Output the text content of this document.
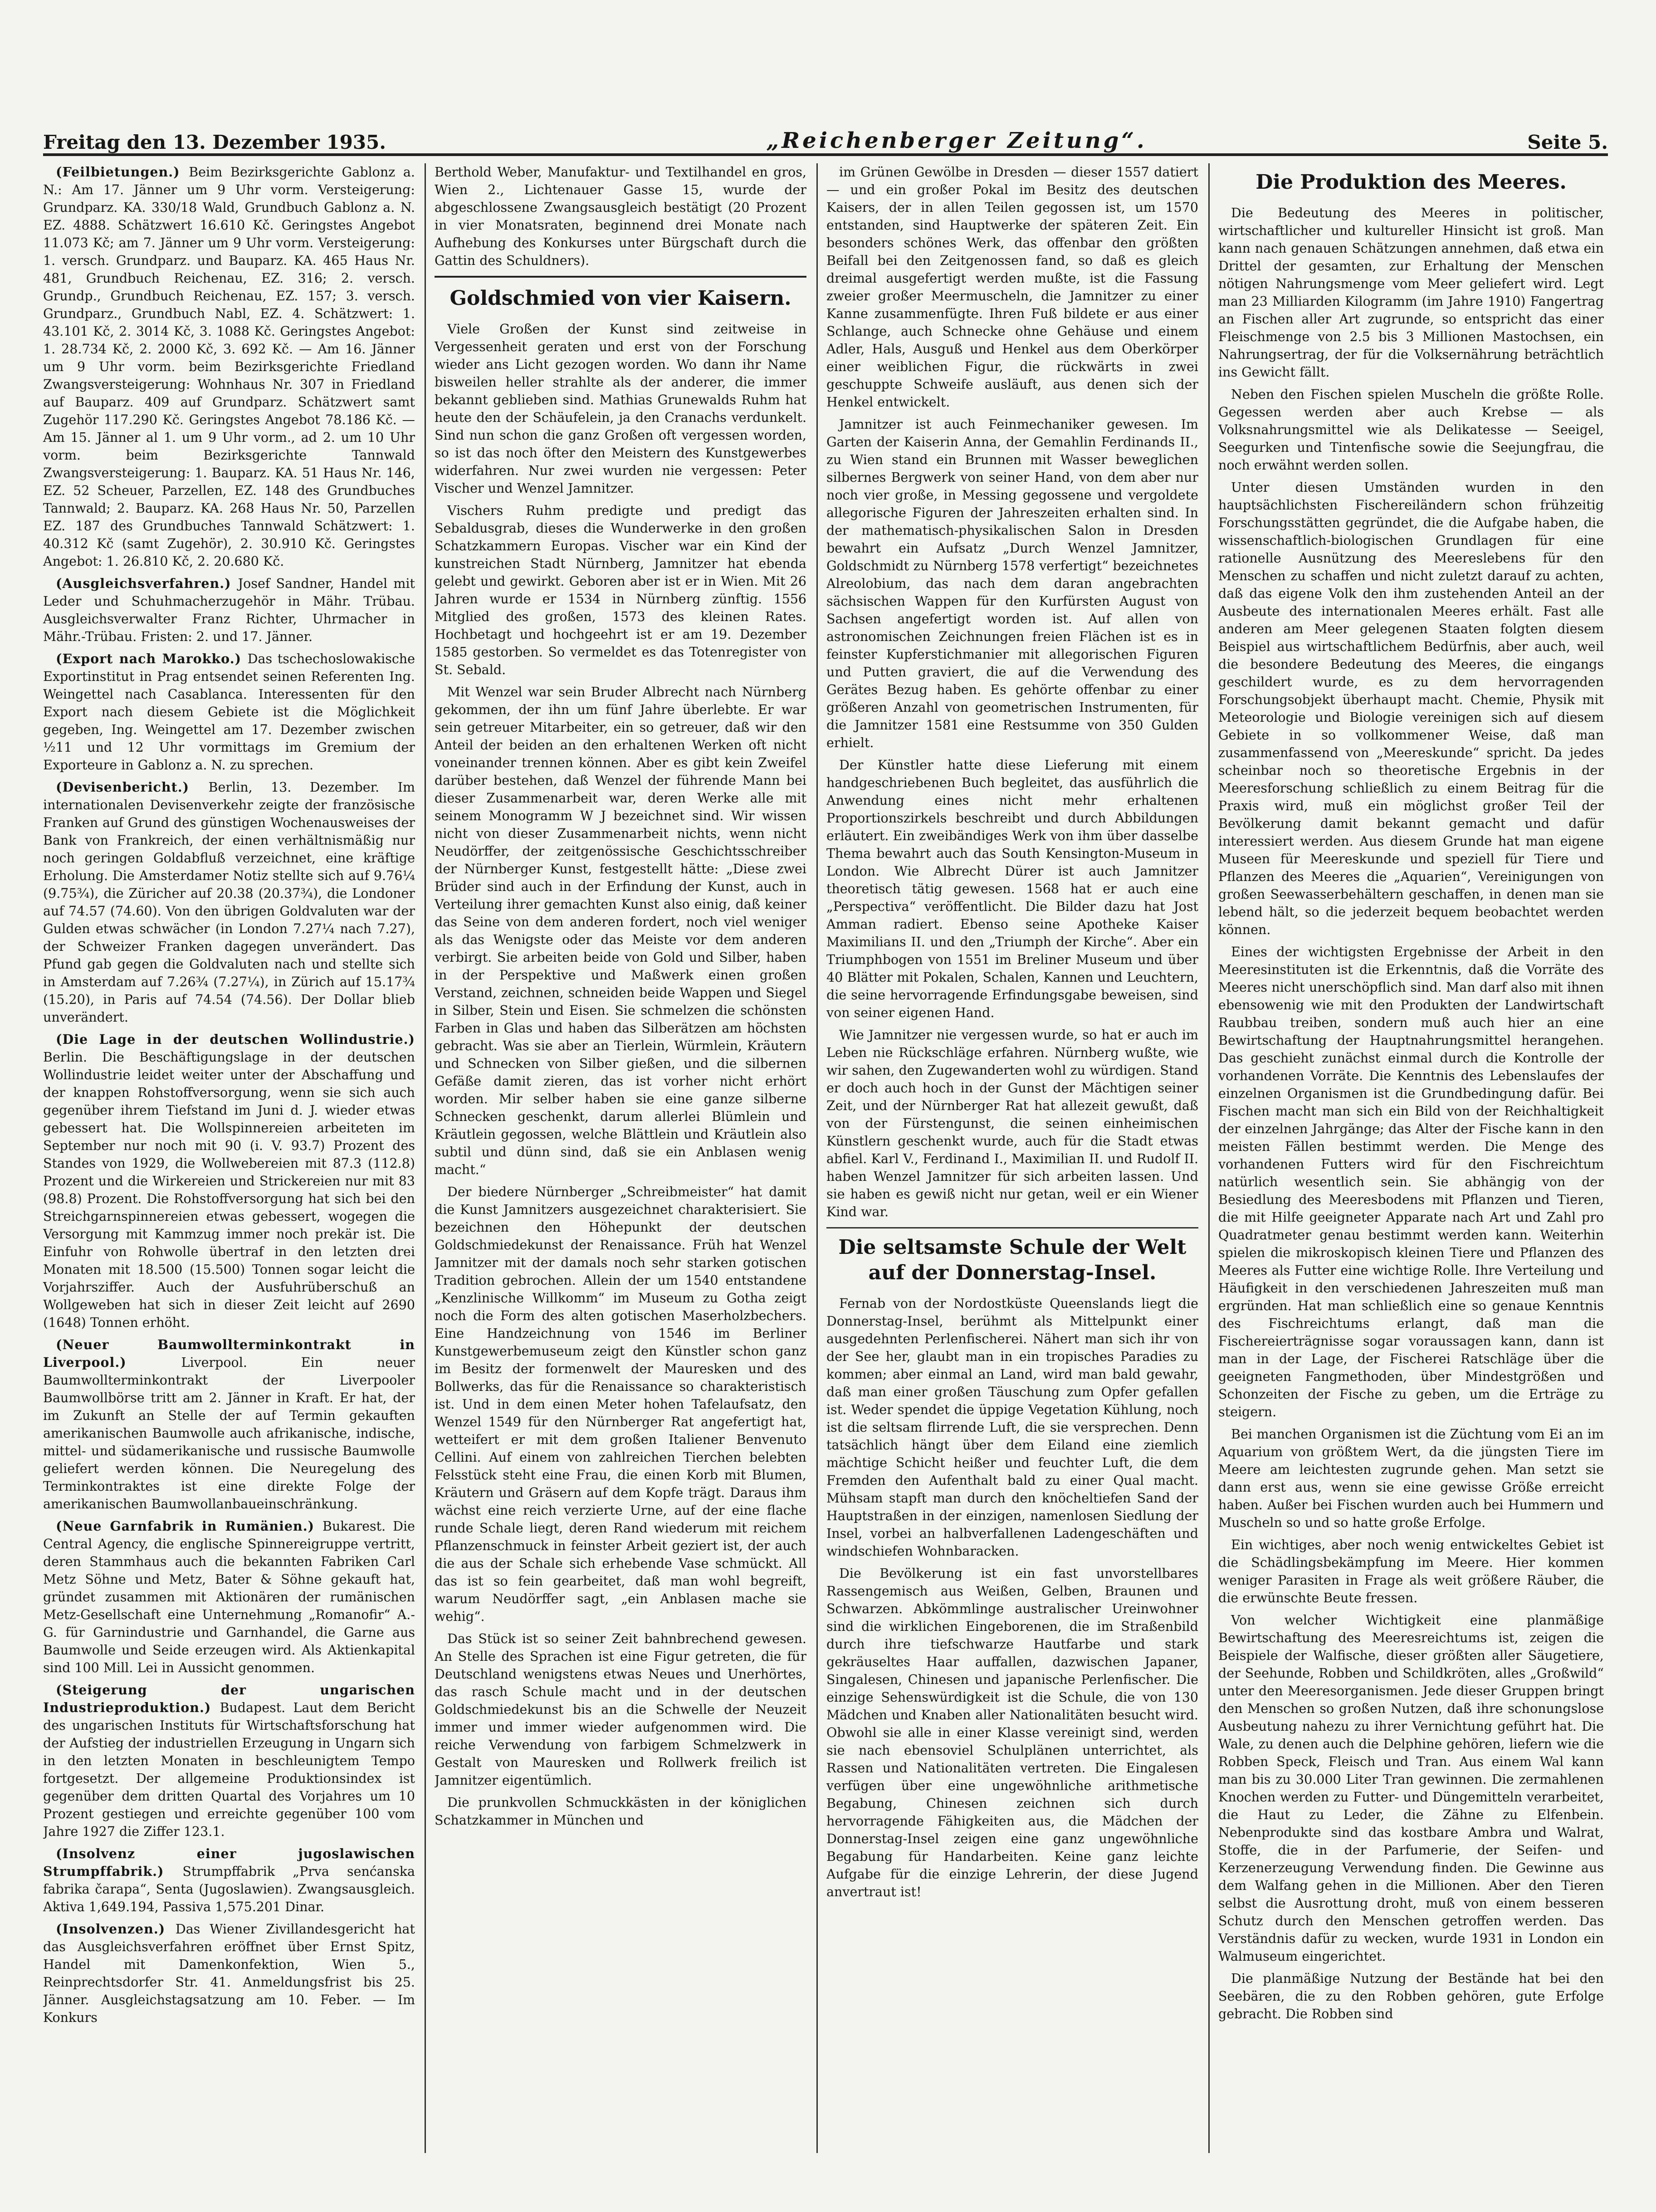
Freitag den 13. Dezember 1935.	„Reichenberger Zeitung“.	Seite 5.

(Feilbietungen.) Beim Bezirksgerichte Gablonz a. N.: Am 17. Jänner um 9 Uhr vorm. Versteigerung: Grundparz. KA. 330/18 Wald, Grundbuch Gablonz a. N. EZ. 4888. Schätzwert 16.610 Kč. Geringstes Angebot 11.073 Kč; am 7. Jänner um 9 Uhr vorm. Versteigerung: 1. versch. Grundparz. und Bauparz. KA. 465 Haus Nr. 481, Grundbuch Reichenau, EZ. 316; 2. versch. Grundp., Grundbuch Reichenau, EZ. 157; 3. versch. Grundparz., Grundbuch Nabl, EZ. 4. Schätzwert: 1. 43.101 Kč, 2. 3014 Kč, 3. 1088 Kč. Geringstes Angebot: 1. 28.734 Kč, 2. 2000 Kč, 3. 692 Kč. — Am 16. Jänner um 9 Uhr vorm. beim Bezirksgerichte Friedland Zwangsversteigerung: Wohnhaus Nr. 307 in Friedland auf Bauparz. 409 auf Grundparz. Schätzwert samt Zugehör 117.290 Kč. Geringstes Angebot 78.186 Kč. — Am 15. Jänner al 1. um 9 Uhr vorm., ad 2. um 10 Uhr vorm. beim Bezirksgerichte Tannwald Zwangsversteigerung: 1. Bauparz. KA. 51 Haus Nr. 146, EZ. 52 Scheuer, Parzellen, EZ. 148 des Grundbuches Tannwald; 2. Bauparz. KA. 268 Haus Nr. 50, Parzellen EZ. 187 des Grundbuches Tannwald Schätzwert: 1. 40.312 Kč (samt Zugehör), 2. 30.910 Kč. Geringstes Angebot: 1. 26.810 Kč, 2. 20.680 Kč.

(Ausgleichsverfahren.) Josef Sandner, Handel mit Leder und Schuhmacherzugehör in Mähr. Trübau. Ausgleichsverwalter Franz Richter, Uhrmacher in Mähr.-Trübau. Fristen: 2. und 17. Jänner.

(Export nach Marokko.) Das tschechoslowakische Exportinstitut in Prag entsendet seinen Referenten Ing. Weingettel nach Casablanca. Interessenten für den Export nach diesem Gebiete ist die Möglichkeit gegeben, Ing. Weingettel am 17. Dezember zwischen ½11 und 12 Uhr vormittags im Gremium der Exporteure in Gablonz a. N. zu sprechen.

(Devisenbericht.) Berlin, 13. Dezember. Im internationalen Devisenverkehr zeigte der französische Franken auf Grund des günstigen Wochenausweises der Bank von Frankreich, der einen verhältnismäßig nur noch geringen Goldabfluß verzeichnet, eine kräftige Erholung. Die Amsterdamer Notiz stellte sich auf 9.76¼ (9.75¾), die Züricher auf 20.38 (20.37¾), die Londoner auf 74.57 (74.60). Von den übrigen Goldvaluten war der Gulden etwas schwächer (in London 7.27¼ nach 7.27), der Schweizer Franken dagegen unverändert. Das Pfund gab gegen die Goldvaluten nach und stellte sich in Amsterdam auf 7.26¾ (7.27¼), in Zürich auf 15.17¾ (15.20), in Paris auf 74.54 (74.56). Der Dollar blieb unverändert.

(Die Lage in der deutschen Wollindustrie.) Berlin. Die Beschäftigungslage in der deutschen Wollindustrie leidet weiter unter der Abschaffung und der knappen Rohstoffversorgung, wenn sie sich auch gegenüber ihrem Tiefstand im Juni d. J. wieder etwas gebessert hat. Die Wollspinnereien arbeiteten im September nur noch mit 90 (i. V. 93.7) Prozent des Standes von 1929, die Wollwebereien mit 87.3 (112.8) Prozent und die Wirkereien und Strickereien nur mit 83 (98.8) Prozent. Die Rohstoffversorgung hat sich bei den Streichgarnspinnereien etwas gebessert, wogegen die Versorgung mit Kammzug immer noch prekär ist. Die Einfuhr von Rohwolle übertraf in den letzten drei Monaten mit 18.500 (15.500) Tonnen sogar leicht die Vorjahrsziffer. Auch der Ausfuhrüberschuß an Wollgeweben hat sich in dieser Zeit leicht auf 2690 (1648) Tonnen erhöht.

(Neuer Baumwollterminkontrakt in Liverpool.) Liverpool. Ein neuer Baumwollterminkontrakt der Liverpooler Baumwollbörse tritt am 2. Jänner in Kraft. Er hat, der im Zukunft an Stelle der auf Termin gekauften amerikanischen Baumwolle auch afrikanische, indische, mittel- und südamerikanische und russische Baumwolle geliefert werden können. Die Neuregelung des Terminkontraktes ist eine direkte Folge der amerikanischen Baumwollanbaueinschränkung.

(Neue Garnfabrik in Rumänien.) Bukarest. Die Central Agency, die englische Spinnereigruppe vertritt, deren Stammhaus auch die bekannten Fabriken Carl Metz Söhne und Metz, Bater & Söhne gekauft hat, gründet zusammen mit Aktionären der rumänischen Metz-Gesellschaft eine Unternehmung „Romanofir“ A.-G. für Garnindustrie und Garnhandel, die Garne aus Baumwolle und Seide erzeugen wird. Als Aktienkapital sind 100 Mill. Lei in Aussicht genommen.

(Steigerung der ungarischen Industrieproduktion.) Budapest. Laut dem Bericht des ungarischen Instituts für Wirtschaftsforschung hat der Aufstieg der industriellen Erzeugung in Ungarn sich in den letzten Monaten in beschleunigtem Tempo fortgesetzt. Der allgemeine Produktionsindex ist gegenüber dem dritten Quartal des Vorjahres um 10 Prozent gestiegen und erreichte gegenüber 100 vom Jahre 1927 die Ziffer 123.1.

(Insolvenz einer jugoslawischen Strumpffabrik.) Strumpffabrik „Prva senćanska fabrika čarapa“, Senta (Jugoslawien). Zwangsausgleich. Aktiva 1,649.194, Passiva 1,575.201 Dinar.

(Insolvenzen.) Das Wiener Zivillandesgericht hat das Ausgleichsverfahren eröffnet über Ernst Spitz, Handel mit Damenkonfektion, Wien 5., Reinprechtsdorfer Str. 41. Anmeldungsfrist bis 25. Jänner. Ausgleichstagsatzung am 10. Feber. — Im Konkurs

Berthold Weber, Manufaktur- und Textilhandel en gros, Wien 2., Lichtenauer Gasse 15, wurde der abgeschlossene Zwangsausgleich bestätigt (20 Prozent in vier Monatsraten, beginnend drei Monate nach Aufhebung des Konkurses unter Bürgschaft durch die Gattin des Schuldners).

Goldschmied von vier Kaisern.

Viele Großen der Kunst sind zeitweise in Vergessenheit geraten und erst von der Forschung wieder ans Licht gezogen worden. Wo dann ihr Name bisweilen heller strahlte als der anderer, die immer bekannt geblieben sind. Mathias Grunewalds Ruhm hat heute den der Schäufelein, ja den Cranachs verdunkelt. Sind nun schon die ganz Großen oft vergessen worden, so ist das noch öfter den Meistern des Kunstgewerbes widerfahren. Nur zwei wurden nie vergessen: Peter Vischer und Wenzel Jamnitzer.

Vischers Ruhm predigte und predigt das Sebaldusgrab, dieses die Wunderwerke in den großen Schatzkammern Europas. Vischer war ein Kind der kunstreichen Stadt Nürnberg, Jamnitzer hat ebenda gelebt und gewirkt. Geboren aber ist er in Wien. Mit 26 Jahren wurde er 1534 in Nürnberg zünftig. 1556 Mitglied des großen, 1573 des kleinen Rates. Hochbetagt und hochgeehrt ist er am 19. Dezember 1585 gestorben. So vermeldet es das Totenregister von St. Sebald.

Mit Wenzel war sein Bruder Albrecht nach Nürnberg gekommen, der ihn um fünf Jahre überlebte. Er war sein getreuer Mitarbeiter, ein so getreuer, daß wir den Anteil der beiden an den erhaltenen Werken oft nicht voneinander trennen können. Aber es gibt kein Zweifel darüber bestehen, daß Wenzel der führende Mann bei dieser Zusammenarbeit war, deren Werke alle mit seinem Monogramm W J bezeichnet sind. Wir wissen nicht von dieser Zusammenarbeit nichts, wenn nicht Neudörffer, der zeitgenössische Geschichtsschreiber der Nürnberger Kunst, festgestellt hätte: „Diese zwei Brüder sind auch in der Erfindung der Kunst, auch in Verteilung ihrer gemachten Kunst also einig, daß keiner das Seine von dem anderen fordert, noch viel weniger als das Wenigste oder das Meiste vor dem anderen verbirgt. Sie arbeiten beide von Gold und Silber, haben in der Perspektive und Maßwerk einen großen Verstand, zeichnen, schneiden beide Wappen und Siegel in Silber, Stein und Eisen. Sie schmelzen die schönsten Farben in Glas und haben das Silberätzen am höchsten gebracht. Was sie aber an Tierlein, Würmlein, Kräutern und Schnecken von Silber gießen, und die silbernen Gefäße damit zieren, das ist vorher nicht erhört worden. Mir selber haben sie eine ganze silberne Schnecken geschenkt, darum allerlei Blümlein und Kräutlein gegossen, welche Blättlein und Kräutlein also subtil und dünn sind, daß sie ein Anblasen wenig macht.“

Der biedere Nürnberger „Schreibmeister“ hat damit die Kunst Jamnitzers ausgezeichnet charakterisiert. Sie bezeichnen den Höhepunkt der deutschen Goldschmiedekunst der Renaissance. Früh hat Wenzel Jamnitzer mit der damals noch sehr starken gotischen Tradition gebrochen. Allein der um 1540 entstandene „Kenzlinische Willkomm“ im Museum zu Gotha zeigt noch die Form des alten gotischen Maserholzbechers. Eine Handzeichnung von 1546 im Berliner Kunstgewerbemuseum zeigt den Künstler schon ganz im Besitz der formenwelt der Mauresken und des Bollwerks, das für die Renaissance so charakteristisch ist. Und in dem einen Meter hohen Tafelaufsatz, den Wenzel 1549 für den Nürnberger Rat angefertigt hat, wetteifert er mit dem großen Italiener Benvenuto Cellini. Auf einem von zahlreichen Tierchen belebten Felsstück steht eine Frau, die einen Korb mit Blumen, Kräutern und Gräsern auf dem Kopfe trägt. Daraus ihm wächst eine reich verzierte Urne, auf der eine flache runde Schale liegt, deren Rand wiederum mit reichem Pflanzenschmuck in feinster Arbeit geziert ist, der auch die aus der Schale sich erhebende Vase schmückt. All das ist so fein gearbeitet, daß man wohl begreift, warum Neudörffer sagt, „ein Anblasen mache sie wehig“.

Das Stück ist so seiner Zeit bahnbrechend gewesen. An Stelle des Sprachen ist eine Figur getreten, die für Deutschland wenigstens etwas Neues und Unerhörtes, das rasch Schule macht und in der deutschen Goldschmiedekunst bis an die Schwelle der Neuzeit immer und immer wieder aufgenommen wird. Die reiche Verwendung von farbigem Schmelzwerk in Gestalt von Mauresken und Rollwerk freilich ist Jamnitzer eigentümlich.

Die prunkvollen Schmuckkästen in der königlichen Schatzkammer in München und

im Grünen Gewölbe in Dresden — dieser 1557 datiert — und ein großer Pokal im Besitz des deutschen Kaisers, der in allen Teilen gegossen ist, um 1570 entstanden, sind Hauptwerke der späteren Zeit. Ein besonders schönes Werk, das offenbar den größten Beifall bei den Zeitgenossen fand, so daß es gleich dreimal ausgefertigt werden mußte, ist die Fassung zweier großer Meermuscheln, die Jamnitzer zu einer Kanne zusammenfügte. Ihren Fuß bildete er aus einer Schlange, auch Schnecke ohne Gehäuse und einem Adler, Hals, Ausguß und Henkel aus dem Oberkörper einer weiblichen Figur, die rückwärts in zwei geschuppte Schweife ausläuft, aus denen sich der Henkel entwickelt.

Jamnitzer ist auch Feinmechaniker gewesen. Im Garten der Kaiserin Anna, der Gemahlin Ferdinands II., zu Wien stand ein Brunnen mit Wasser beweglichen silbernes Bergwerk von seiner Hand, von dem aber nur noch vier große, in Messing gegossene und vergoldete allegorische Figuren der Jahreszeiten erhalten sind. In der mathematisch-physikalischen Salon in Dresden bewahrt ein Aufsatz „Durch Wenzel Jamnitzer, Goldschmidt zu Nürnberg 1578 verfertigt“ bezeichnetes Alreolobium, das nach dem daran angebrachten sächsischen Wappen für den Kurfürsten August von Sachsen angefertigt worden ist. Auf allen von astronomischen Zeichnungen freien Flächen ist es in feinster Kupferstichmanier mit allegorischen Figuren und Putten graviert, die auf die Verwendung des Gerätes Bezug haben. Es gehörte offenbar zu einer größeren Anzahl von geometrischen Instrumenten, für die Jamnitzer 1581 eine Restsumme von 350 Gulden erhielt.

Der Künstler hatte diese Lieferung mit einem handgeschriebenen Buch begleitet, das ausführlich die Anwendung eines nicht mehr erhaltenen Proportionszirkels beschreibt und durch Abbildungen erläutert. Ein zweibändiges Werk von ihm über dasselbe Thema bewahrt auch das South Kensington-Museum in London. Wie Albrecht Dürer ist auch Jamnitzer theoretisch tätig gewesen. 1568 hat er auch eine „Perspectiva“ veröffentlicht. Die Bilder dazu hat Jost Amman radiert. Ebenso seine Apotheke Kaiser Maximilians II. und den „Triumph der Kirche“. Aber ein Triumphbogen von 1551 im Breliner Museum und über 40 Blätter mit Pokalen, Schalen, Kannen und Leuchtern, die seine hervorragende Erfindungsgabe beweisen, sind von seiner eigenen Hand.

Wie Jamnitzer nie vergessen wurde, so hat er auch im Leben nie Rückschläge erfahren. Nürnberg wußte, wie wir sahen, den Zugewanderten wohl zu würdigen. Stand er doch auch hoch in der Gunst der Mächtigen seiner Zeit, und der Nürnberger Rat hat allezeit gewußt, daß von der Fürstengunst, die seinen einheimischen Künstlern geschenkt wurde, auch für die Stadt etwas abfiel. Karl V., Ferdinand I., Maximilian II. und Rudolf II. haben Wenzel Jamnitzer für sich arbeiten lassen. Und sie haben es gewiß nicht nur getan, weil er ein Wiener Kind war.

Die seltsamste Schule der Welt auf der Donnerstag-Insel.

Fernab von der Nordostküste Queenslands liegt die Donnerstag-Insel, berühmt als Mittelpunkt einer ausgedehnten Perlenfischerei. Nähert man sich ihr von der See her, glaubt man in ein tropisches Paradies zu kommen; aber einmal an Land, wird man bald gewahr, daß man einer großen Täuschung zum Opfer gefallen ist. Weder spendet die üppige Vegetation Kühlung, noch ist die seltsam flirrende Luft, die sie versprechen. Denn tatsächlich hängt über dem Eiland eine ziemlich mächtige Schicht heißer und feuchter Luft, die dem Fremden den Aufenthalt bald zu einer Qual macht. Mühsam stapft man durch den knöcheltiefen Sand der Hauptstraßen in der einzigen, namenlosen Siedlung der Insel, vorbei an halbverfallenen Ladengeschäften und windschiefen Wohnbaracken.

Die Bevölkerung ist ein fast unvorstellbares Rassengemisch aus Weißen, Gelben, Braunen und Schwarzen. Abkömmlinge australischer Ureinwohner sind die wirklichen Eingeborenen, die im Straßenbild durch ihre tiefschwarze Hautfarbe und stark gekräuseltes Haar auffallen, dazwischen Japaner, Singalesen, Chinesen und japanische Perlenfischer. Die einzige Sehenswürdigkeit ist die Schule, die von 130 Mädchen und Knaben aller Nationalitäten besucht wird. Obwohl sie alle in einer Klasse vereinigt sind, werden sie nach ebensoviel Schulplänen unterrichtet, als Rassen und Nationalitäten vertreten. Die Eingalesen verfügen über eine ungewöhnliche arithmetische Begabung, Chinesen zeichnen sich durch hervorragende Fähigkeiten aus, die Mädchen der Donnerstag-Insel zeigen eine ganz ungewöhnliche Begabung für Handarbeiten. Keine ganz leichte Aufgabe für die einzige Lehrerin, der diese Jugend anvertraut ist!

Die Produktion des Meeres.

Die Bedeutung des Meeres in politischer, wirtschaftlicher und kultureller Hinsicht ist groß. Man kann nach genauen Schätzungen annehmen, daß etwa ein Drittel der gesamten, zur Erhaltung der Menschen nötigen Nahrungsmenge vom Meer geliefert wird. Legt man 23 Milliarden Kilogramm (im Jahre 1910) Fangertrag an Fischen aller Art zugrunde, so entspricht das einer Fleischmenge von 2.5 bis 3 Millionen Mastochsen, ein Nahrungsertrag, der für die Volksernährung beträchtlich ins Gewicht fällt.

Neben den Fischen spielen Muscheln die größte Rolle. Gegessen werden aber auch Krebse — als Volksnahrungsmittel wie als Delikatesse — Seeigel, Seegurken und Tintenfische sowie die Seejungfrau, die noch erwähnt werden sollen.

Unter diesen Umständen wurden in den hauptsächlichsten Fischereiländern schon frühzeitig Forschungsstätten gegründet, die die Aufgabe haben, die wissenschaftlich-biologischen Grundlagen für eine rationelle Ausnützung des Meereslebens für den Menschen zu schaffen und nicht zuletzt darauf zu achten, daß das eigene Volk den ihm zustehenden Anteil an der Ausbeute des internationalen Meeres erhält. Fast alle anderen am Meer gelegenen Staaten folgten diesem Beispiel aus wirtschaftlichem Bedürfnis, aber auch, weil die besondere Bedeutung des Meeres, die eingangs geschildert wurde, es zu dem hervorragenden Forschungsobjekt überhaupt macht. Chemie, Physik mit Meteorologie und Biologie vereinigen sich auf diesem Gebiete in so vollkommener Weise, daß man zusammenfassend von „Meereskunde“ spricht. Da jedes scheinbar noch so theoretische Ergebnis in der Meeresforschung schließlich zu einem Beitrag für die Praxis wird, muß ein möglichst großer Teil der Bevölkerung damit bekannt gemacht und dafür interessiert werden. Aus diesem Grunde hat man eigene Museen für Meereskunde und speziell für Tiere und Pflanzen des Meeres die „Aquarien“, Vereinigungen von großen Seewasserbehältern geschaffen, in denen man sie lebend hält, so die jederzeit bequem beobachtet werden können.

Eines der wichtigsten Ergebnisse der Arbeit in den Meeresinstituten ist die Erkenntnis, daß die Vorräte des Meeres nicht unerschöpflich sind. Man darf also mit ihnen ebensowenig wie mit den Produkten der Landwirtschaft Raubbau treiben, sondern muß auch hier an eine Bewirtschaftung der Hauptnahrungsmittel herangehen. Das geschieht zunächst einmal durch die Kontrolle der vorhandenen Vorräte. Die Kenntnis des Lebenslaufes der einzelnen Organismen ist die Grundbedingung dafür. Bei Fischen macht man sich ein Bild von der Reichhaltigkeit der einzelnen Jahrgänge; das Alter der Fische kann in den meisten Fällen bestimmt werden. Die Menge des vorhandenen Futters wird für den Fischreichtum natürlich wesentlich sein. Sie abhängig von der Besiedlung des Meeresbodens mit Pflanzen und Tieren, die mit Hilfe geeigneter Apparate nach Art und Zahl pro Quadratmeter genau bestimmt werden kann. Weiterhin spielen die mikroskopisch kleinen Tiere und Pflanzen des Meeres als Futter eine wichtige Rolle. Ihre Verteilung und Häufigkeit in den verschiedenen Jahreszeiten muß man ergründen. Hat man schließlich eine so genaue Kenntnis des Fischreichtums erlangt, daß man die Fischereierträgnisse sogar voraussagen kann, dann ist man in der Lage, der Fischerei Ratschläge über die geeigneten Fangmethoden, über Mindestgrößen und Schonzeiten der Fische zu geben, um die Erträge zu steigern.

Bei manchen Organismen ist die Züchtung vom Ei an im Aquarium von größtem Wert, da die jüngsten Tiere im Meere am leichtesten zugrunde gehen. Man setzt sie dann erst aus, wenn sie eine gewisse Größe erreicht haben. Außer bei Fischen wurden auch bei Hummern und Muscheln so und so hatte große Erfolge.

Ein wichtiges, aber noch wenig entwickeltes Gebiet ist die Schädlingsbekämpfung im Meere. Hier kommen weniger Parasiten in Frage als weit größere Räuber, die die erwünschte Beute fressen.

Von welcher Wichtigkeit eine planmäßige Bewirtschaftung des Meeresreichtums ist, zeigen die Beispiele der Walfische, dieser größten aller Säugetiere, der Seehunde, Robben und Schildkröten, alles „Großwild“ unter den Meeresorganismen. Jede dieser Gruppen bringt den Menschen so großen Nutzen, daß ihre schonungslose Ausbeutung nahezu zu ihrer Vernichtung geführt hat. Die Wale, zu denen auch die Delphine gehören, liefern wie die Robben Speck, Fleisch und Tran. Aus einem Wal kann man bis zu 30.000 Liter Tran gewinnen. Die zermahlenen Knochen werden zu Futter- und Düngemitteln verarbeitet, die Haut zu Leder, die Zähne zu Elfenbein. Nebenprodukte sind das kostbare Ambra und Walrat, Stoffe, die in der Parfumerie, der Seifen- und Kerzenerzeugung Verwendung finden. Die Gewinne aus dem Walfang gehen in die Millionen. Aber den Tieren selbst die Ausrottung droht, muß von einem besseren Schutz durch den Menschen getroffen werden. Das Verständnis dafür zu wecken, wurde 1931 in London ein Walmuseum eingerichtet.

Die planmäßige Nutzung der Bestände hat bei den Seebären, die zu den Robben gehören, gute Erfolge gebracht. Die Robben sind
